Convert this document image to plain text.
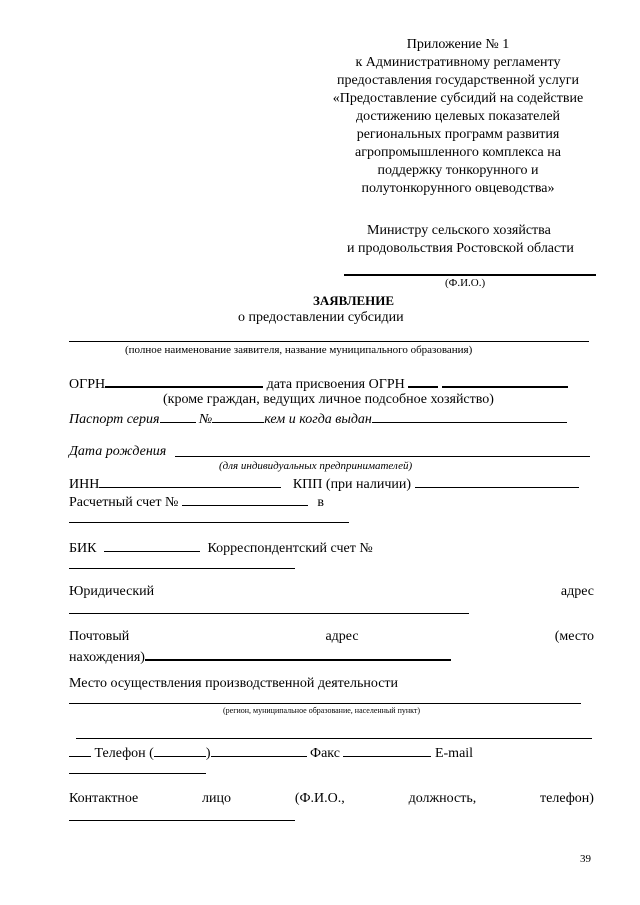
Приложение № 1
к Административному регламенту
предоставления государственной услуги
«Предоставление субсидий на содействие
достижению целевых показателей
региональных программ развития
агропромышленного комплекса на
поддержку тонкорунного и
полутонкорунного овцеводства»
Министру сельского хозяйства
и продовольствия Ростовской области
(Ф.И.О.)
ЗАЯВЛЕНИЕ
о предоставлении субсидии
(полное наименование заявителя, название муниципального образования)
ОГРН	дата присвоения ОГРН
(кроме граждан, ведущих личное подсобное хозяйство)
Паспорт серия	№	кем и когда выдан
Дата рождения
(для индивидуальных предпринимателей)
ИНН	КПП (при наличии)
Расчетный счет №	в
БИК	Корреспондентский счет №
Юридический	адрес
Почтовый	адрес	(место
нахождения)
Место осуществления производственной деятельности
(регион, муниципальное образование, населенный пункт)
Телефон (	)	Факс	E-mail
Контактное	лицо	(Ф.И.О.,	должность,	телефон)
39
